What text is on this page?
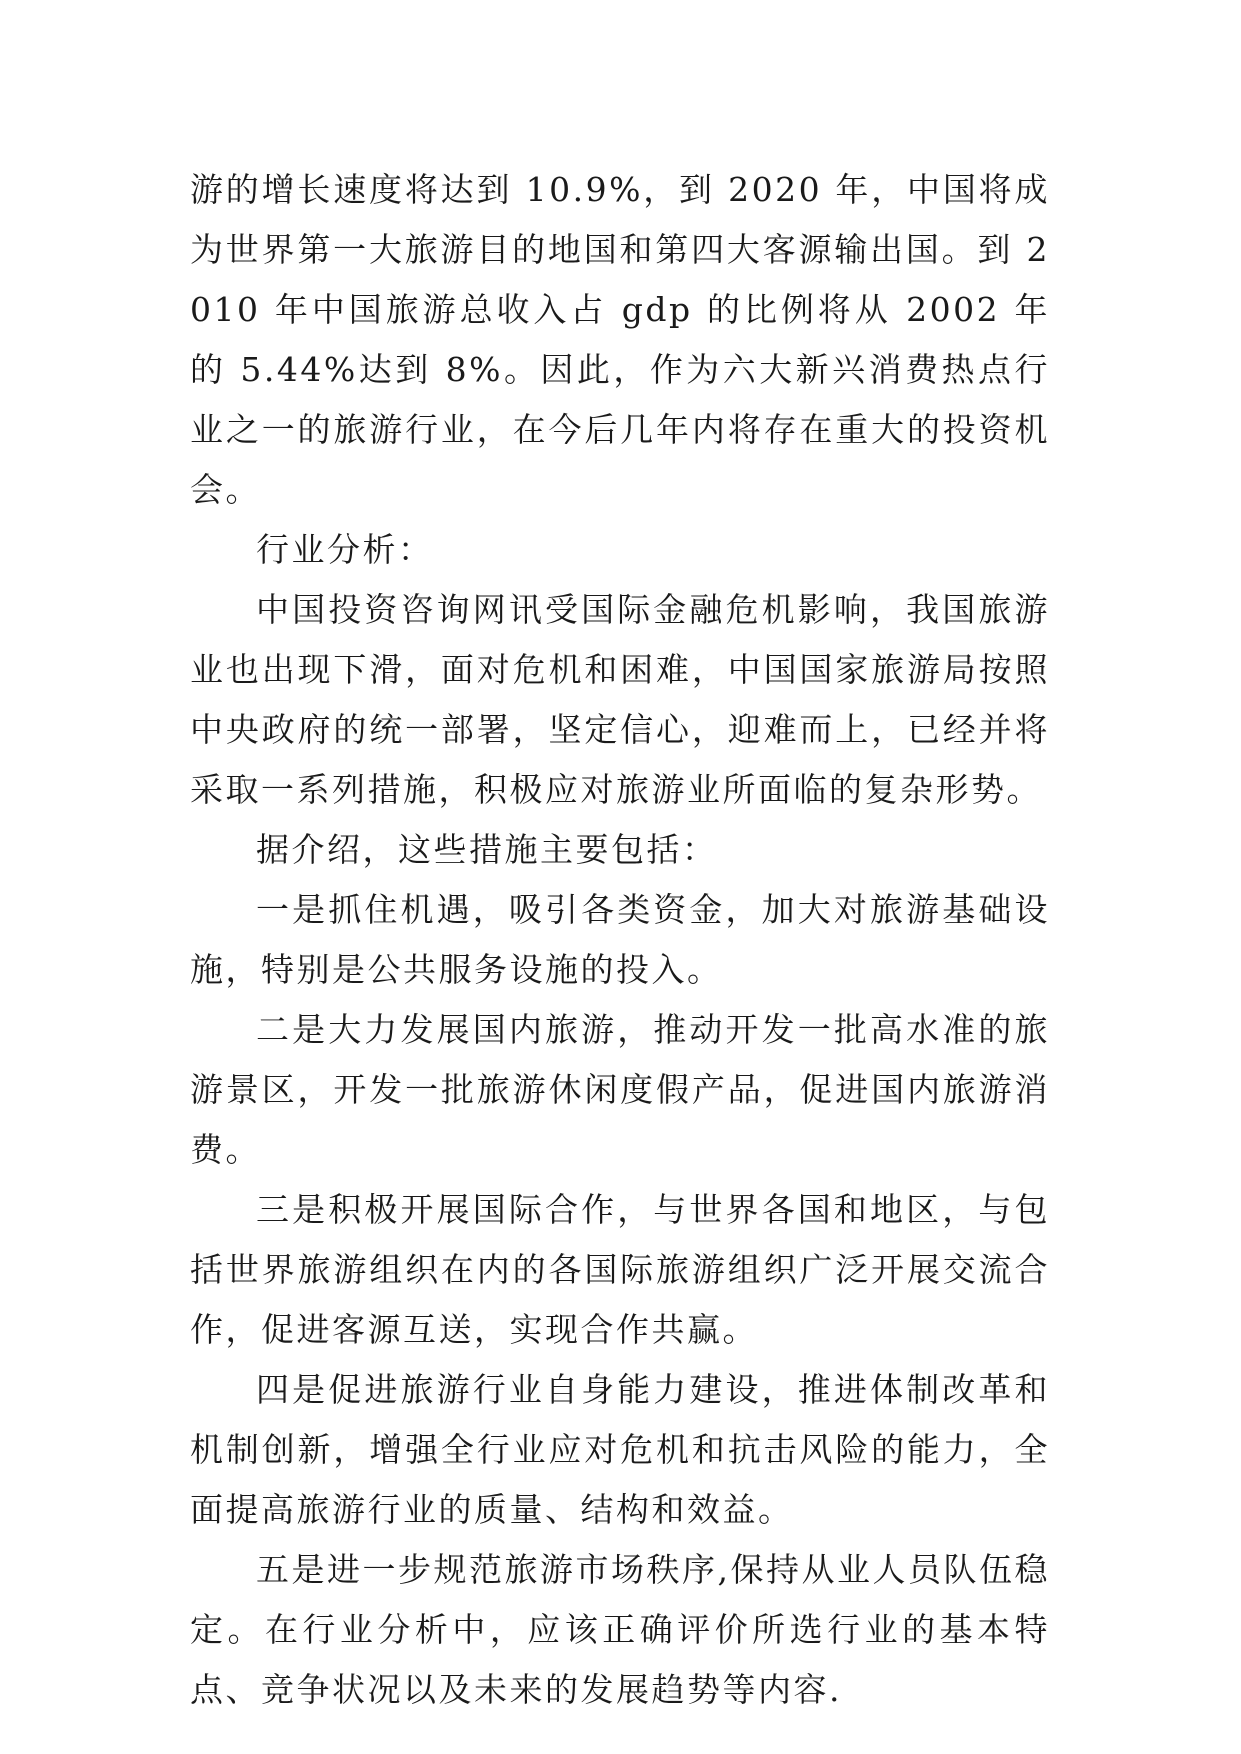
游的增长速度将达到 10.9%，到 2020 年，中国将成为世界第一大旅游目的地国和第四大客源输出国。到 2010 年中国旅游总收入占 gdp 的比例将从 2002 年的 5.44%达到 8%。因此，作为六大新兴消费热点行业之一的旅游行业，在今后几年内将存在重大的投资机会。

行业分析：

中国投资咨询网讯受国际金融危机影响，我国旅游业也出现下滑，面对危机和困难，中国国家旅游局按照中央政府的统一部署，坚定信心，迎难而上，已经并将采取一系列措施，积极应对旅游业所面临的复杂形势。

据介绍，这些措施主要包括：

一是抓住机遇，吸引各类资金，加大对旅游基础设施，特别是公共服务设施的投入。

二是大力发展国内旅游，推动开发一批高水准的旅游景区，开发一批旅游休闲度假产品，促进国内旅游消费。

三是积极开展国际合作，与世界各国和地区，与包括世界旅游组织在内的各国际旅游组织广泛开展交流合作，促进客源互送，实现合作共赢。

四是促进旅游行业自身能力建设，推进体制改革和机制创新，增强全行业应对危机和抗击风险的能力，全面提高旅游行业的质量、结构和效益。

五是进一步规范旅游市场秩序,保持从业人员队伍稳定。在行业分析中，应该正确评价所选行业的基本特点、竞争状况以及未来的发展趋势等内容.
